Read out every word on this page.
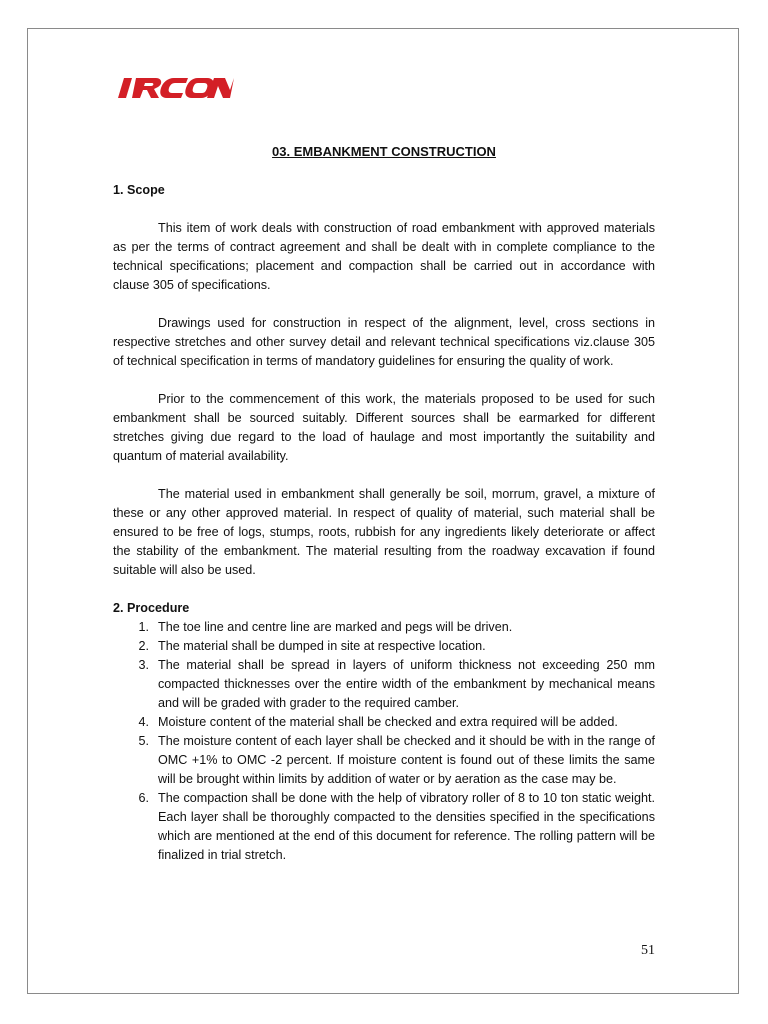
03. EMBANKMENT CONSTRUCTION

1. Scope

This item of work deals with construction of road embankment with approved materials as per the terms of contract agreement and shall be dealt with in complete compliance to the technical specifications; placement and compaction shall be carried out in accordance with clause 305 of specifications.

Drawings used for construction in respect of the alignment, level, cross sections in respective stretches and other survey detail and relevant technical specifications viz.clause 305 of technical specification in terms of mandatory guidelines for ensuring the quality of work.

Prior to the commencement of this work, the materials proposed to be used for such embankment shall be sourced suitably. Different sources shall be earmarked for different stretches giving due regard to the load of haulage and most importantly the suitability and quantum of material availability.

The material used in embankment shall generally be soil, morrum, gravel, a mixture of these or any other approved material. In respect of quality of material, such material shall be ensured to be free of logs, stumps, roots, rubbish for any ingredients likely deteriorate or affect the stability of the embankment. The material resulting from the roadway excavation if found suitable will also be used.

2. Procedure

1. The toe line and centre line are marked and pegs will be driven.
2. The material shall be dumped in site at respective location.
3. The material shall be spread in layers of uniform thickness not exceeding 250 mm compacted thicknesses over the entire width of the embankment by mechanical means and will be graded with grader to the required camber.
4. Moisture content of the material shall be checked and extra required will be added.
5. The moisture content of each layer shall be checked and it should be with in the range of OMC +1% to OMC -2 percent. If moisture content is found out of these limits the same will be brought within limits by addition of water or by aeration as the case may be.
6. The compaction shall be done with the help of vibratory roller of 8 to 10 ton static weight. Each layer shall be thoroughly compacted to the densities specified in the specifications which are mentioned at the end of this document for reference. The rolling pattern will be finalized in trial stretch.
51
